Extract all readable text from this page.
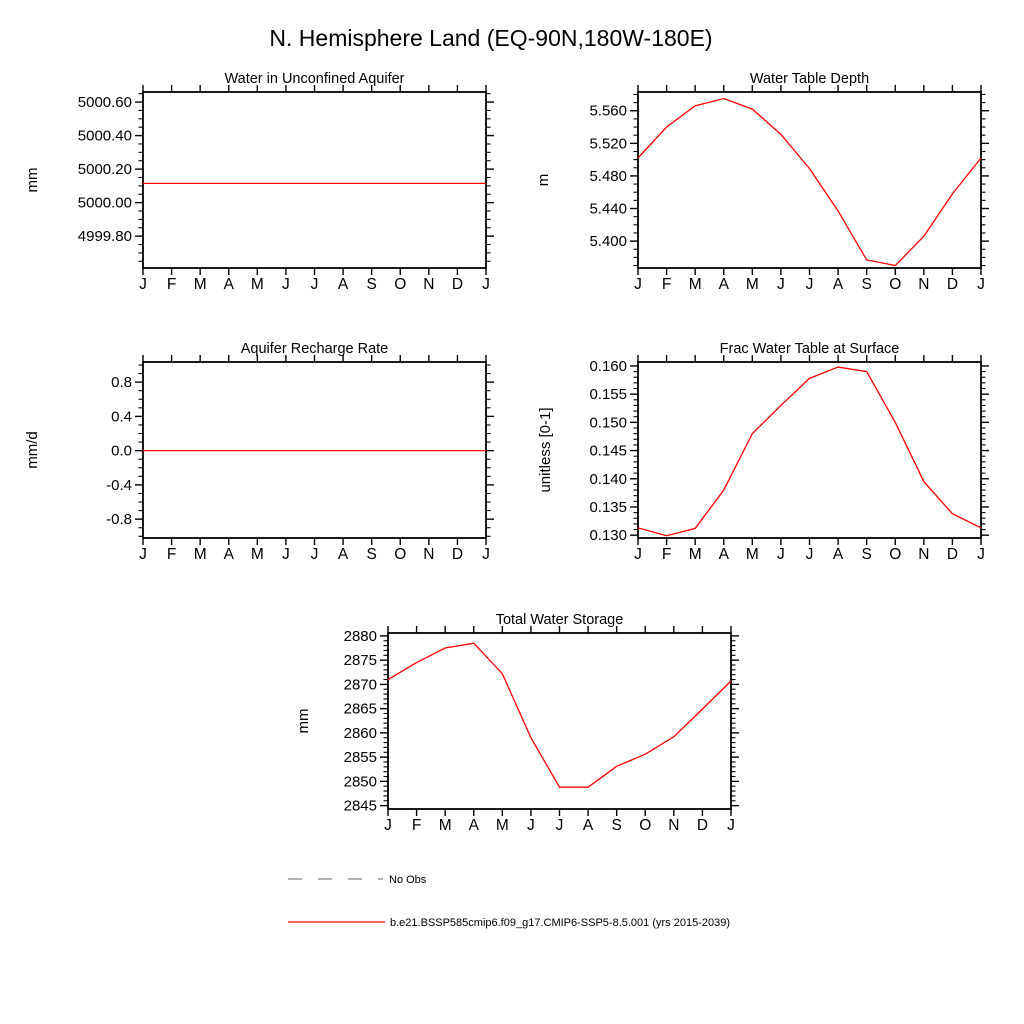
N. Hemisphere Land (EQ-90N,180W-180E)
Water in Unconfined Aquifer	Water Table Depth
Aquifer Recharge Rate	Frac Water Table at Surface
Total Water Storage
mm	m
mm/d	unitless [0-1]
mm
J F M A M J J A S O N D J
4999.80
5000.00
5000.20
5000.40
5000.60
J F M A M J J A S O N D J
5.400
5.440
5.480
5.520
5.560
J F M A M J J A S O N D J
-0.8
-0.4
0.0
0.4
0.8
J F M A M J J A S O N D J
0.130
0.135
0.140
0.145
0.150
0.155
0.160
J F M A M J J A S O N D J
2845
2850
2855
2860
2865
2870
2875
2880
No Obs
b.e21.BSSP585cmip6.f09_g17.CMIP6-SSP5-8.5.001 (yrs 2015-2039)
